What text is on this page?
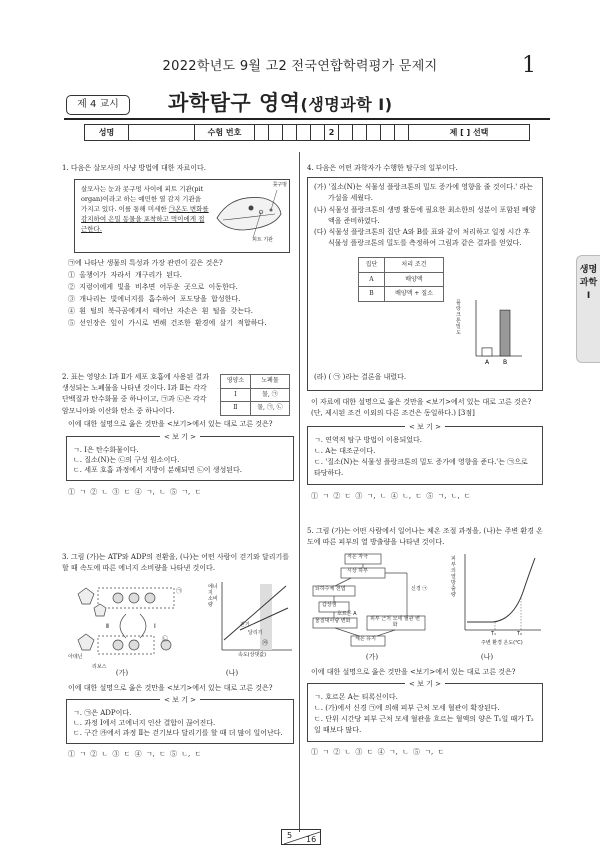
2022학년도 9월 고2 전국연합학력평가 문제지	1
제 4 교시	과학탐구 영역(생명과학 Ⅰ)
성명	수험 번호	2	제 [ ] 선택
생명
과학
Ⅰ
1. 다음은 살모사의 사냥 방법에 대한 자료이다.
살모사는 눈과 콧구멍 사이에 피트 기관(pit organ)이라고 하는 예민한 열 감지 기관을 가지고 있다. 이를 통해 미세한 ㉠온도 변화를 감지하여 은밀 동물을 포착하고 먹이에게 접근한다.
콧구멍
피트 기관
㉠에 나타난 생물의 특성과 가장 관련이 깊은 것은?
① 올챙이가 자라서 개구리가 된다.
② 지렁이에게 빛을 비추면 어두운 곳으로 이동한다.
③ 개나리는 빛에너지를 흡수하여 포도당을 합성한다.
④ 흰 털의 북극곰에게서 태어난 자손은 흰 털을 갖는다.
⑤ 선인장은 잎이 가시로 변해 건조한 환경에 살기 적합하다.
2. 표는 영양소 Ⅰ과 Ⅱ가 세포 호흡에 사용된 결과 생성되는 노폐물을 나타낸 것이다. Ⅰ과 Ⅱ는 각각 단백질과 탄수화물 중 하나이고, ㉠과 ㉡은 각각 암모니아와 이산화 탄소 중 하나이다.
영양소	노폐물
Ⅰ	물, ㉠
Ⅱ	물, ㉠, ㉡
이에 대한 설명으로 옳은 것만을 <보기>에서 있는 대로 고른 것은?
< 보 기 >
ㄱ. Ⅰ은 탄수화물이다.
ㄴ. 질소(N)는 ㉡의 구성 원소이다.
ㄷ. 세포 호흡 과정에서 지방이 분해되면 ㉡이 생성된다.
① ㄱ ② ㄴ ③ ㄷ ④ ㄱ, ㄴ ⑤ ㄱ, ㄷ
3. 그림 (가)는 ATP와 ADP의 전환을, (나)는 어떤 사람이 걷기와 달리기를 할 때 속도에 따른 에너지 소비량을 나타낸 것이다.
Ⅰ
Ⅱ
아데닌
리보스
㉠
㉡
에너지 소비량
걷기
달리기
㉮
속도(상댓값)
(가)	(나)
이에 대한 설명으로 옳은 것만을 <보기>에서 있는 대로 고른 것은?
< 보 기 >
ㄱ. ㉠은 ADP이다.
ㄴ. 과정 Ⅰ에서 고에너지 인산 결합이 끊어진다.
ㄷ. 구간 ㉮에서 과정 Ⅱ는 걷기보다 달리기를 할 때 더 많이 일어난다.
① ㄱ ② ㄴ ③ ㄷ ④ ㄱ, ㄷ ⑤ ㄴ, ㄷ
4. 다음은 어떤 과학자가 수행한 탐구의 일부이다.
(가) '질소(N)는 식물성 플랑크톤의 밀도 증가에 영향을 줄 것이다.' 라는 가설을 세웠다.
(나) 식물성 플랑크톤의 생명 활동에 필요한 최소한의 성분이 포함된 배양액을 준비하였다.
(다) 식물성 플랑크톤의 집단 A와 B를 표와 같이 처리하고 일정 시간 후 식물성 플랑크톤의 밀도를 측정하여 그림과 같은 결과를 얻었다.
집단	처리 조건
A	배양액
B	배양액 + 질소
A B
플랑크톤 밀도
(라) ( ㉠ )라는 결론을 내렸다.
이 자료에 대한 설명으로 옳은 것만을 <보기>에서 있는 대로 고른 것은? (단, 제시된 조건 이외의 다른 조건은 동일하다.) [3점]
< 보 기 >
ㄱ. 연역적 탐구 방법이 이용되었다.
ㄴ. A는 대조군이다.
ㄷ. '질소(N)는 식물성 플랑크톤의 밀도 증가에 영향을 준다.'는 ㉠으로 타당하다.
① ㄱ ② ㄷ ③ ㄱ, ㄴ ④ ㄴ, ㄷ ⑤ ㄱ, ㄴ, ㄷ
5. 그림 (가)는 어떤 사람에서 일어나는 체온 조절 과정을, (나)는 주변 환경 온도에 따른 피부의 열 방출량을 나타낸 것이다.
저온 자극
시상 하부
뇌하수체 전엽	신경 ㉠
갑상샘
호르몬 A
물질대사량 변화	피부 근처 모세 혈관 변화
체온 유지
피부의 열 방출량
T₁	T₂
주변 환경 온도(℃)
(가)	(나)
이에 대한 설명으로 옳은 것만을 <보기>에서 있는 대로 고른 것은?
< 보 기 >
ㄱ. 호르몬 A는 티록신이다.
ㄴ. (가)에서 신경 ㉠에 의해 피부 근처 모세 혈관이 확장된다.
ㄷ. 단위 시간당 피부 근처 모세 혈관을 흐르는 혈액의 양은 T₁일 때가 T₂일 때보다 많다.
① ㄱ ② ㄴ ③ ㄷ ④ ㄱ, ㄴ ⑤ ㄱ, ㄷ
5 16
